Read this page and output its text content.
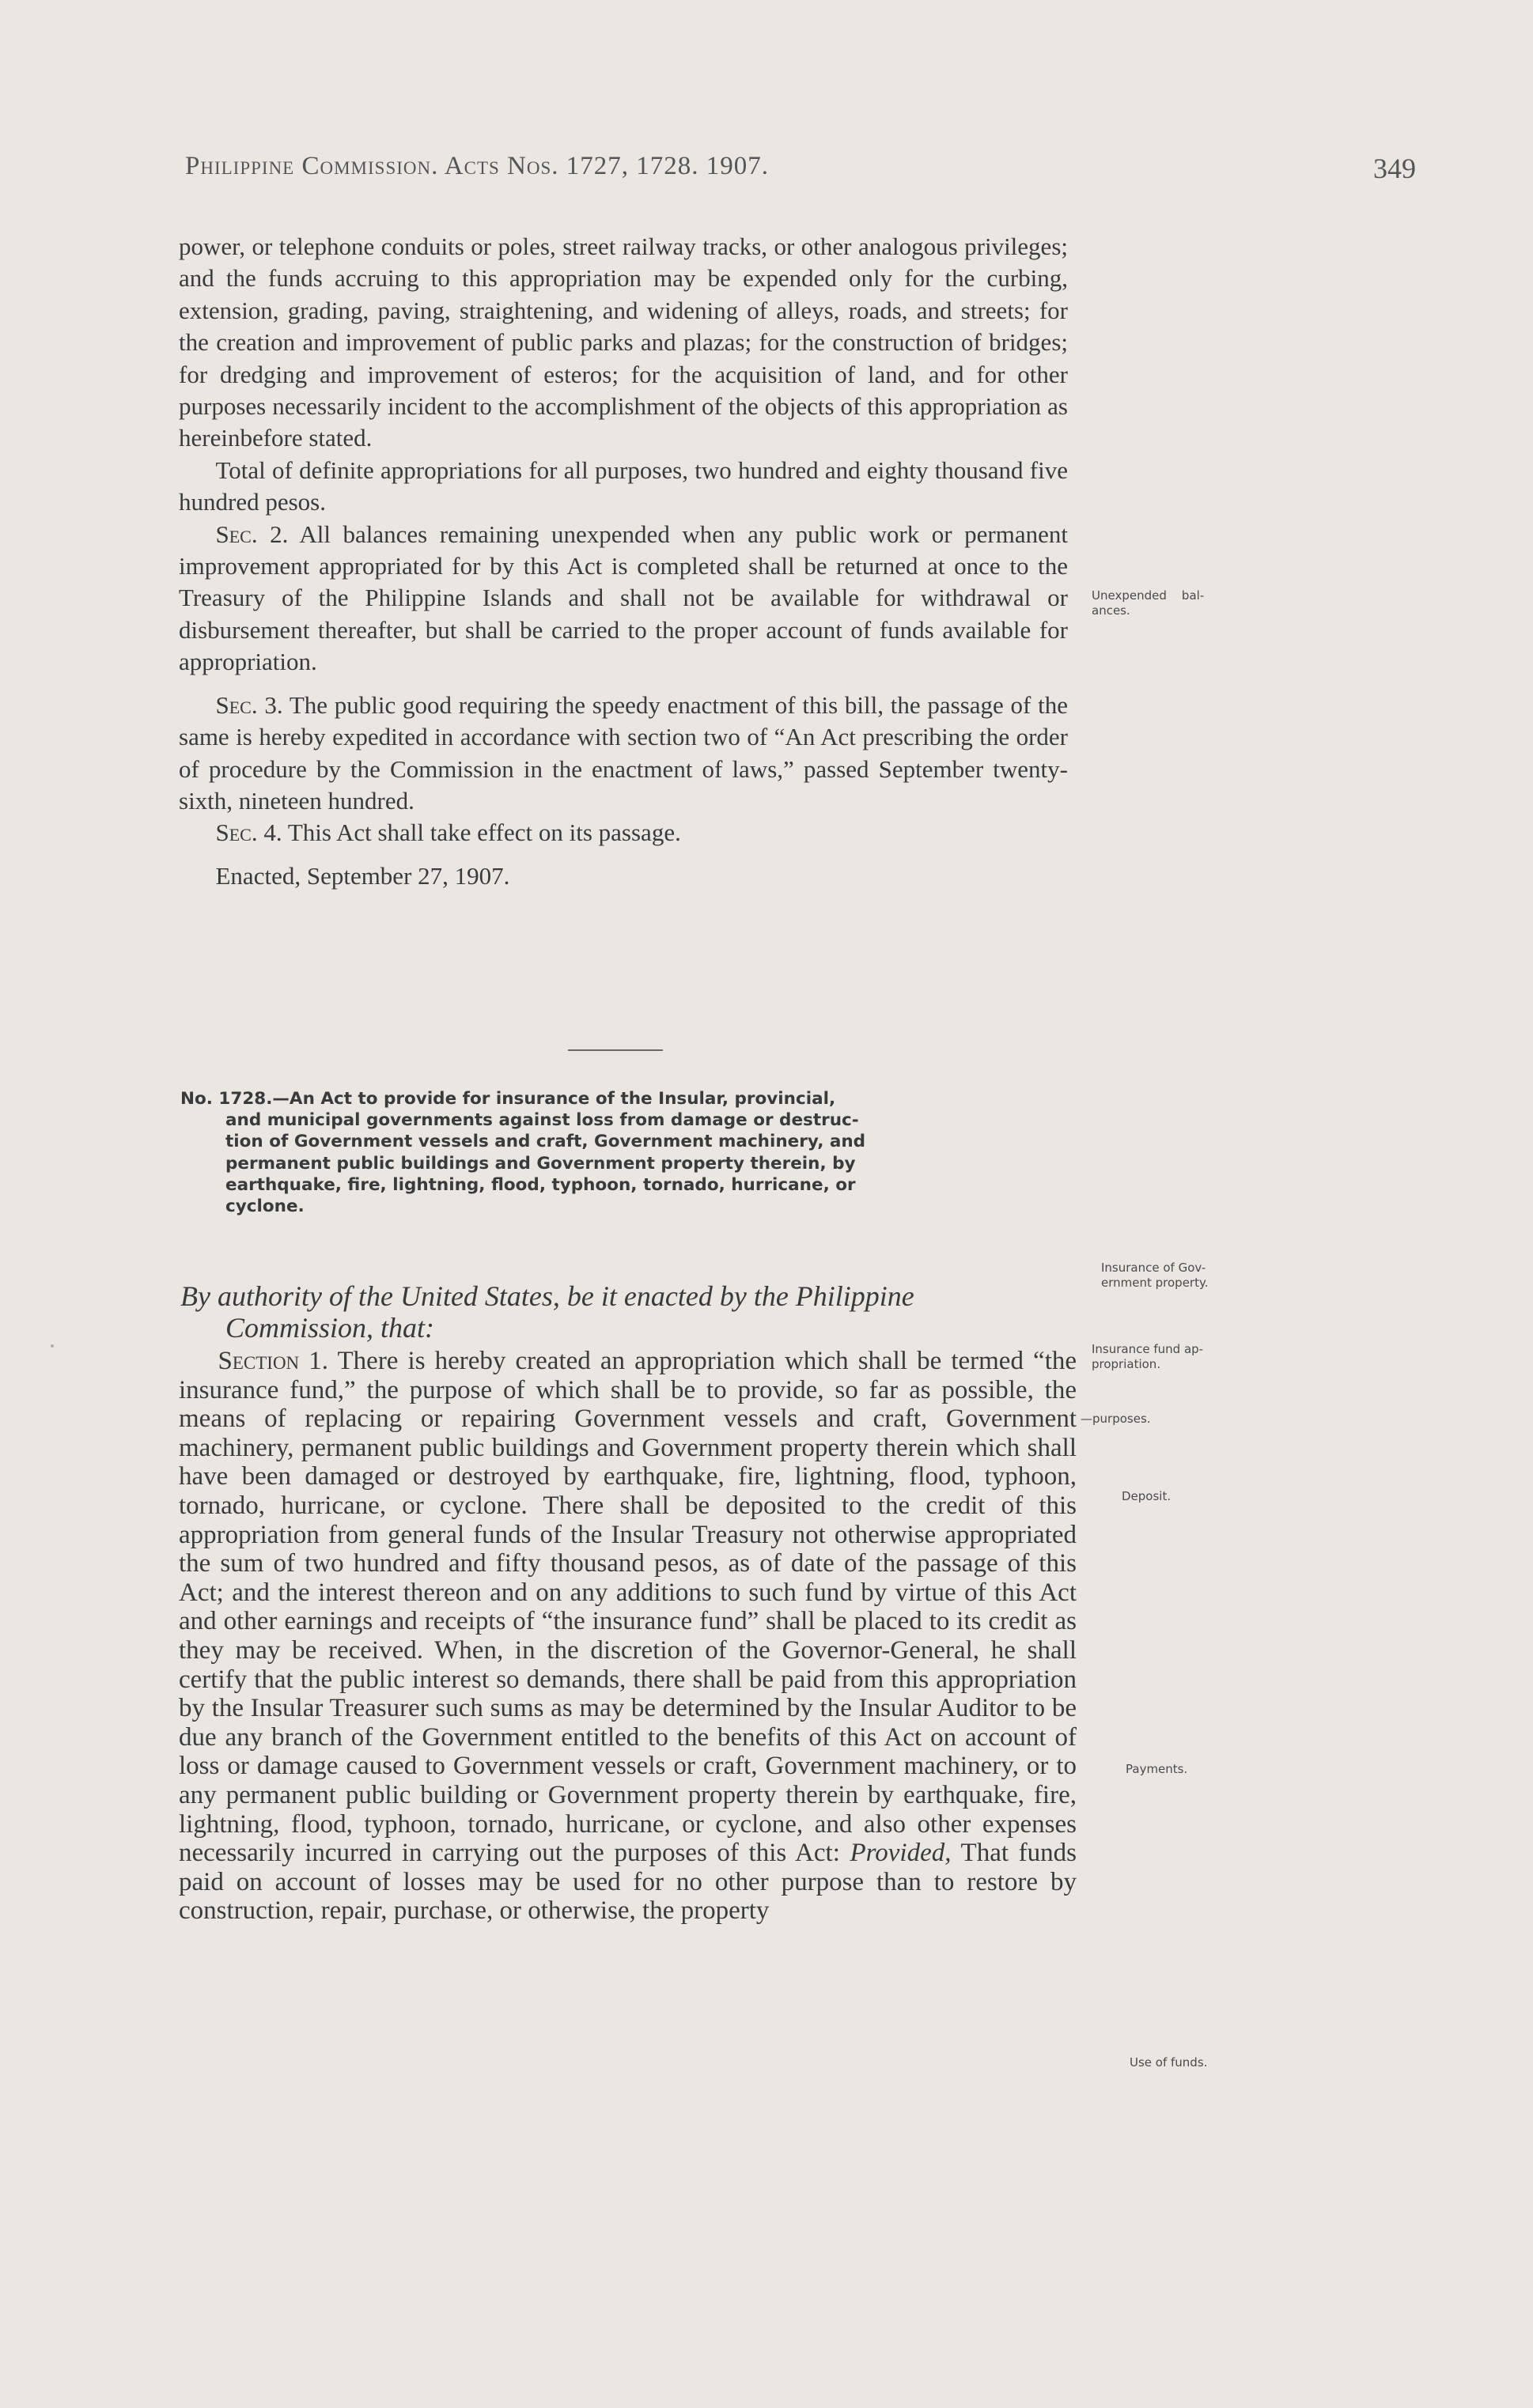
Philippine Commission. Acts Nos. 1727, 1728. 1907.	349

power, or telephone conduits or poles, street railway tracks, or other analogous privileges; and the funds accruing to this appropriation may be expended only for the curbing, extension, grading, paving, straightening, and widening of alleys, roads, and streets; for the creation and improvement of public parks and plazas; for the construction of bridges; for dredging and improvement of esteros; for the acquisition of land, and for other purposes necessarily incident to the accomplishment of the objects of this appropriation as hereinbefore stated.

Total of definite appropriations for all purposes, two hundred and eighty thousand five hundred pesos.

Sec. 2. All balances remaining unexpended when any public work or permanent improvement appropriated for by this Act is completed shall be returned at once to the Treasury of the Philippine Islands and shall not be available for withdrawal or disbursement thereafter, but shall be carried to the proper account of funds available for appropriation.

Sec. 3. The public good requiring the speedy enactment of this bill, the passage of the same is hereby expedited in accordance with section two of “An Act prescribing the order of procedure by the Commission in the enactment of laws,” passed September twenty-sixth, nineteen hundred.

Sec. 4. This Act shall take effect on its passage.

Enacted, September 27, 1907.

No. 1728.—An Act to provide for insurance of the Insular, provincial,
and municipal governments against loss from damage or destruc-
tion of Government vessels and craft, Government machinery, and
permanent public buildings and Government property therein, by
earthquake, fire, lightning, flood, typhoon, tornado, hurricane, or
cyclone.
By authority of the United States, be it enacted by the Philippine
Commission, that:

Section 1. There is hereby created an appropriation which shall be termed “the insurance fund,” the purpose of which shall be to provide, so far as possible, the means of replacing or repairing Government vessels and craft, Government machinery, permanent public buildings and Government property therein which shall have been damaged or destroyed by earthquake, fire, lightning, flood, typhoon, tornado, hurricane, or cyclone. There shall be deposited to the credit of this appropriation from general funds of the Insular Treasury not otherwise appropriated the sum of two hundred and fifty thousand pesos, as of date of the passage of this Act; and the interest thereon and on any additions to such fund by virtue of this Act and other earnings and receipts of “the insurance fund” shall be placed to its credit as they may be received. When, in the discretion of the Governor-General, he shall certify that the public interest so demands, there shall be paid from this appropriation by the Insular Treasurer such sums as may be determined by the Insular Auditor to be due any branch of the Government entitled to the benefits of this Act on account of loss or damage caused to Government vessels or craft, Government machinery, or to any permanent public building or Government property therein by earthquake, fire, lightning, flood, typhoon, tornado, hurricane, or cyclone, and also other expenses necessarily incurred in carrying out the purposes of this Act: Provided, That funds paid on account of losses may be used for no other purpose than to restore by construction, repair, purchase, or otherwise, the property

Unexpended    bal-
ances.
Insurance of Gov-
ernment property.
Insurance fund ap-
propriation.
—purposes.
Deposit.
Payments.
Use of funds.
